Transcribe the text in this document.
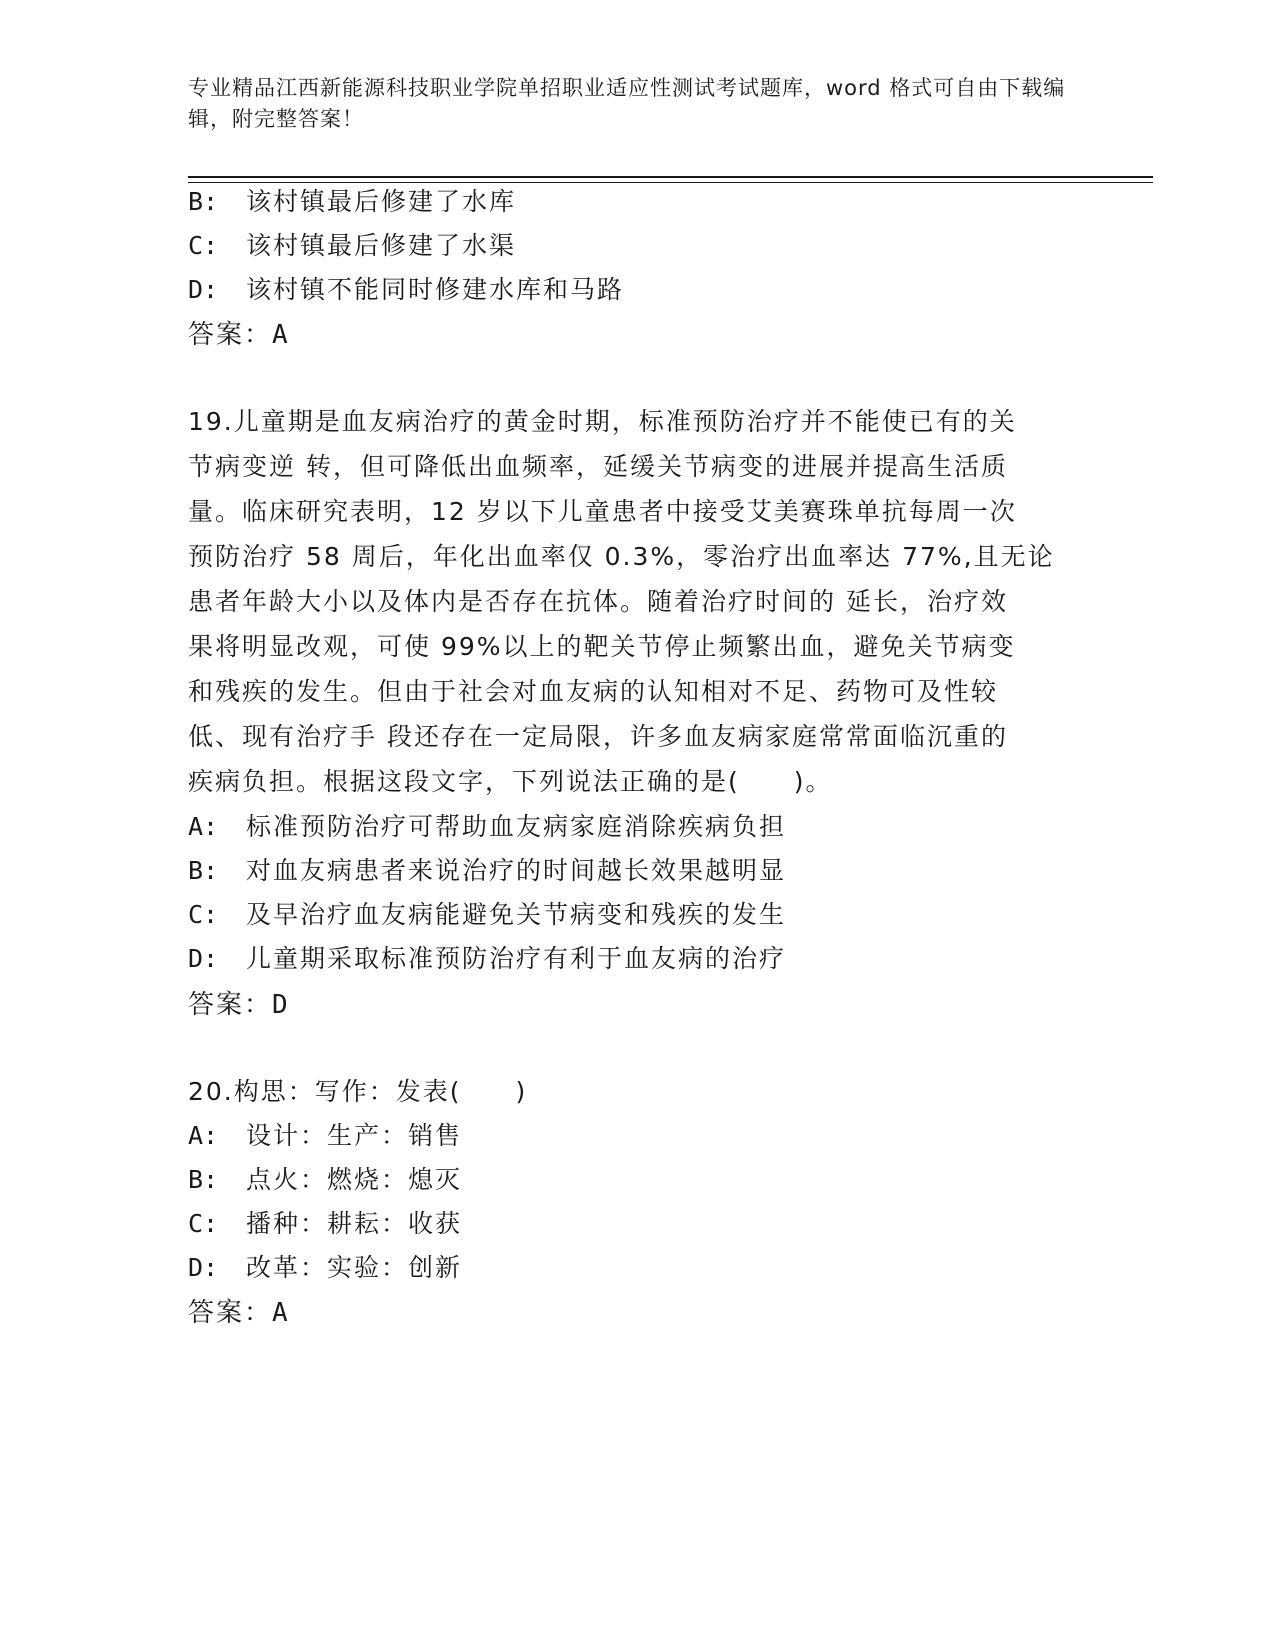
专业精品江西新能源科技职业学院单招职业适应性测试考试题库，word 格式可自由下载编辑，附完整答案！
B: 该村镇最后修建了水库
C: 该村镇最后修建了水渠
D: 该村镇不能同时修建水库和马路
答案：A
19.儿童期是血友病治疗的黄金时期，标准预防治疗并不能使已有的关
节病变逆 转，但可降低出血频率，延缓关节病变的进展并提高生活质
量。临床研究表明，12 岁以下儿童患者中接受艾美赛珠单抗每周一次
预防治疗 58 周后，年化出血率仅 0.3%，零治疗出血率达 77%,且无论
患者年龄大小以及体内是否存在抗体。随着治疗时间的 延长，治疗效
果将明显改观，可使 99%以上的靶关节停止频繁出血，避免关节病变
和残疾的发生。但由于社会对血友病的认知相对不足、药物可及性较
低、现有治疗手 段还存在一定局限，许多血友病家庭常常面临沉重的
疾病负担。根据这段文字，下列说法正确的是(　　)。
A: 标准预防治疗可帮助血友病家庭消除疾病负担
B: 对血友病患者来说治疗的时间越长效果越明显
C: 及早治疗血友病能避免关节病变和残疾的发生
D: 儿童期采取标准预防治疗有利于血友病的治疗
答案：D
20.构思：写作：发表(　　)
A: 设计：生产：销售
B: 点火：燃烧：熄灭
C: 播种：耕耘：收获
D: 改革：实验：创新
答案：A
